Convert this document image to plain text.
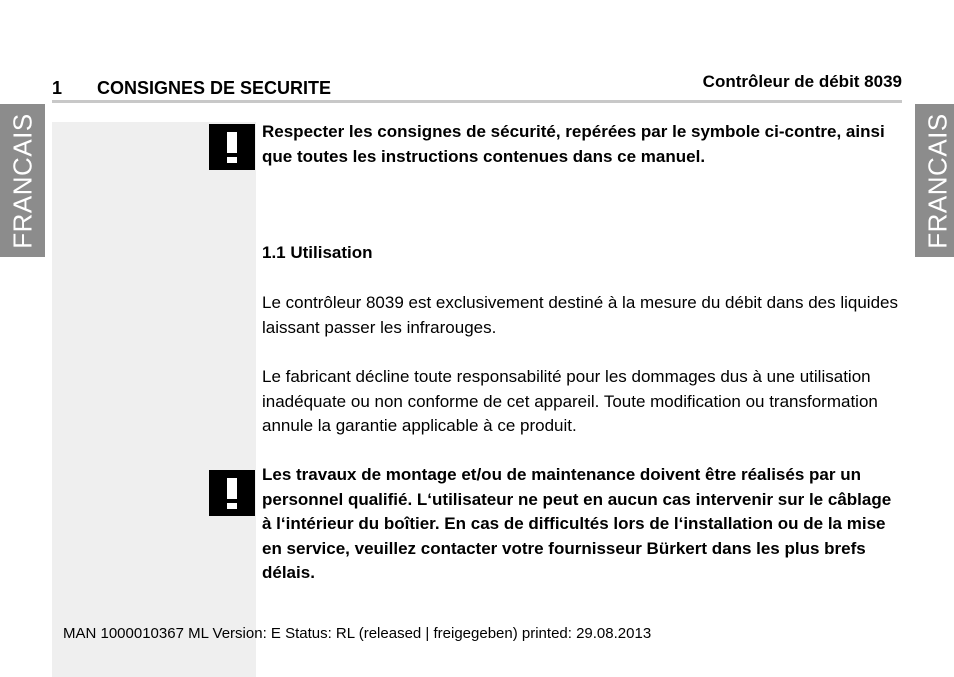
1 CONSIGNES DE SECURITE	Contrôleur de débit 8039
FRANCAIS	FRANCAIS
Respecter les consignes de sécurité, repérées par le symbole ci-contre, ainsi que toutes les instructions contenues dans ce manuel.
1.1 Utilisation
Le contrôleur 8039 est exclusivement destiné à la mesure du débit dans des liquides laissant passer les infrarouges.
Le fabricant décline toute responsabilité pour les dommages dus à une utilisation inadéquate ou non conforme de cet appareil. Toute modification ou transformation annule la garantie applicable à ce produit.
Les travaux de montage et/ou de maintenance doivent être réalisés par un personnel qualifié. L‘utilisateur ne peut en aucun cas intervenir sur le câblage à l‘intérieur du boîtier. En cas de difficultés lors de l‘installation ou de la mise en service, veuillez contacter votre fournisseur Bürkert dans les plus brefs délais.
MAN 1000010367 ML Version: E Status: RL (released | freigegeben) printed: 29.08.2013
